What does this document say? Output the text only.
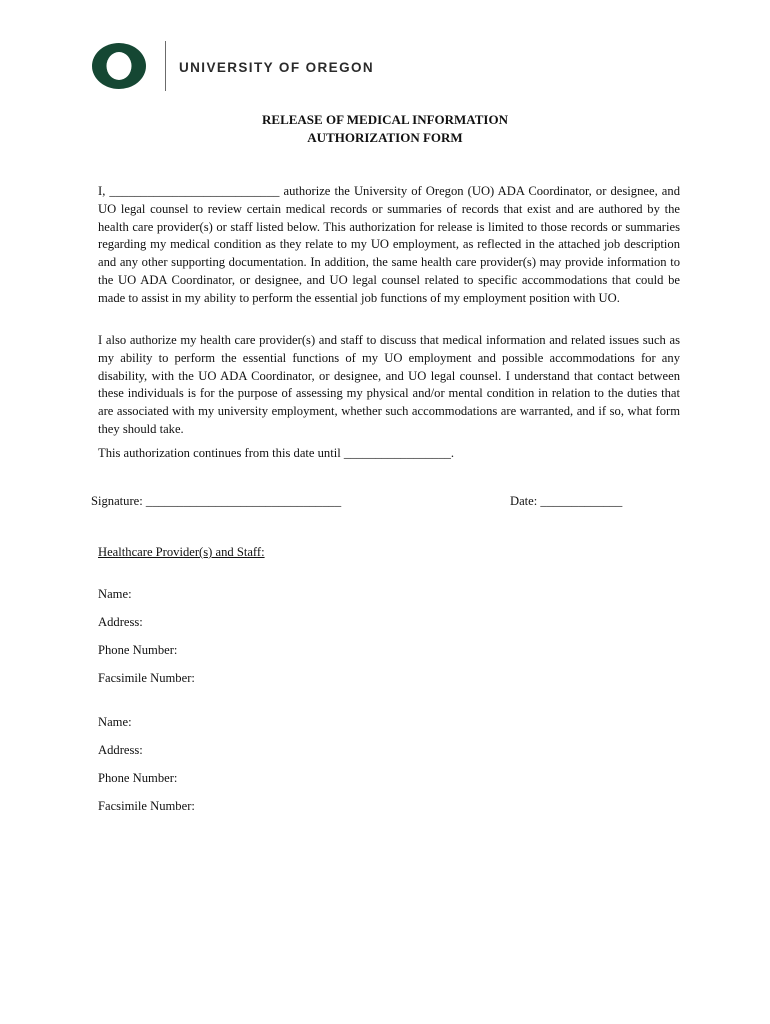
UNIVERSITY OF OREGON
RELEASE OF MEDICAL INFORMATION
AUTHORIZATION FORM
I, ___________________________ authorize the University of Oregon (UO) ADA Coordinator, or designee, and UO legal counsel to review certain medical records or summaries of records that exist and are authored by the health care provider(s) or staff listed below. This authorization for release is limited to those records or summaries regarding my medical condition as they relate to my UO employment, as reflected in the attached job description and any other supporting documentation. In addition, the same health care provider(s) may provide information to the UO ADA Coordinator, or designee, and UO legal counsel related to specific accommodations that could be made to assist in my ability to perform the essential job functions of my employment position with UO.
I also authorize my health care provider(s) and staff to discuss that medical information and related issues such as my ability to perform the essential functions of my UO employment and possible accommodations for any disability, with the UO ADA Coordinator, or designee, and UO legal counsel. I understand that contact between these individuals is for the purpose of assessing my physical and/or mental condition in relation to the duties that are associated with my university employment, whether such accommodations are warranted, and if so, what form they should take.
This authorization continues from this date until _________________.
Signature: _______________________________	Date: _____________
Healthcare Provider(s) and Staff:
Name:
Address:
Phone Number:
Facsimile Number:
Name:
Address:
Phone Number:
Facsimile Number:
